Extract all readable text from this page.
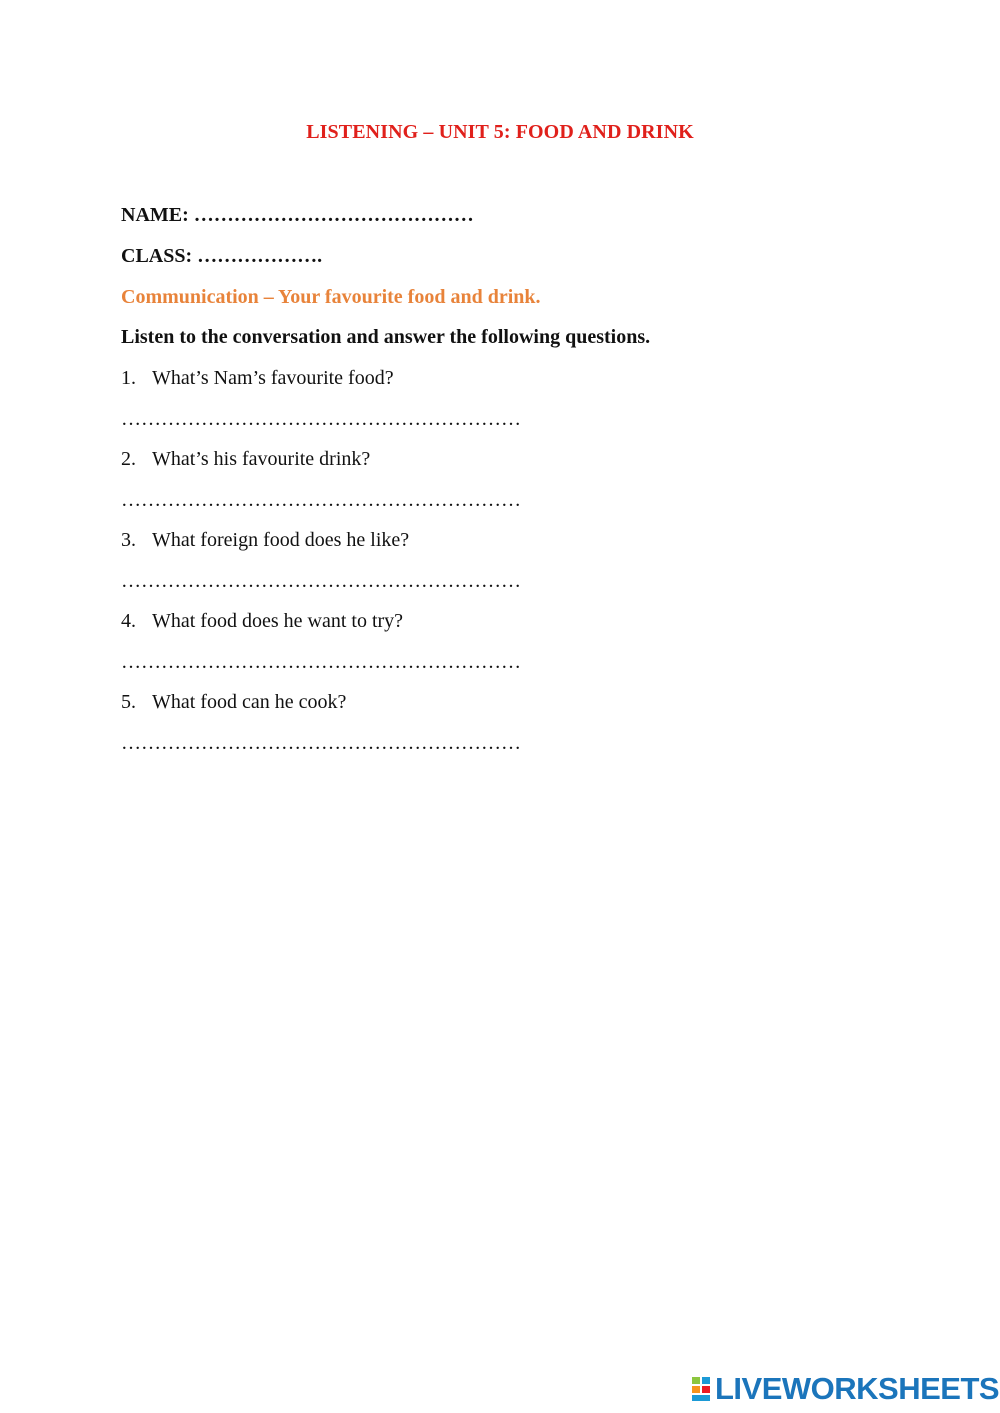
LISTENING – UNIT 5: FOOD AND DRINK
NAME: ……………………………………
CLASS: ……………….
Communication – Your favourite food and drink.
Listen to the conversation and answer the following questions.
1. What’s Nam’s favourite food?
……………………………………………………
2. What’s his favourite drink?
……………………………………………………
3. What foreign food does he like?
……………………………………………………
4. What food does he want to try?
……………………………………………………
5. What food can he cook?
……………………………………………………
LIVEWORKSHEETS
